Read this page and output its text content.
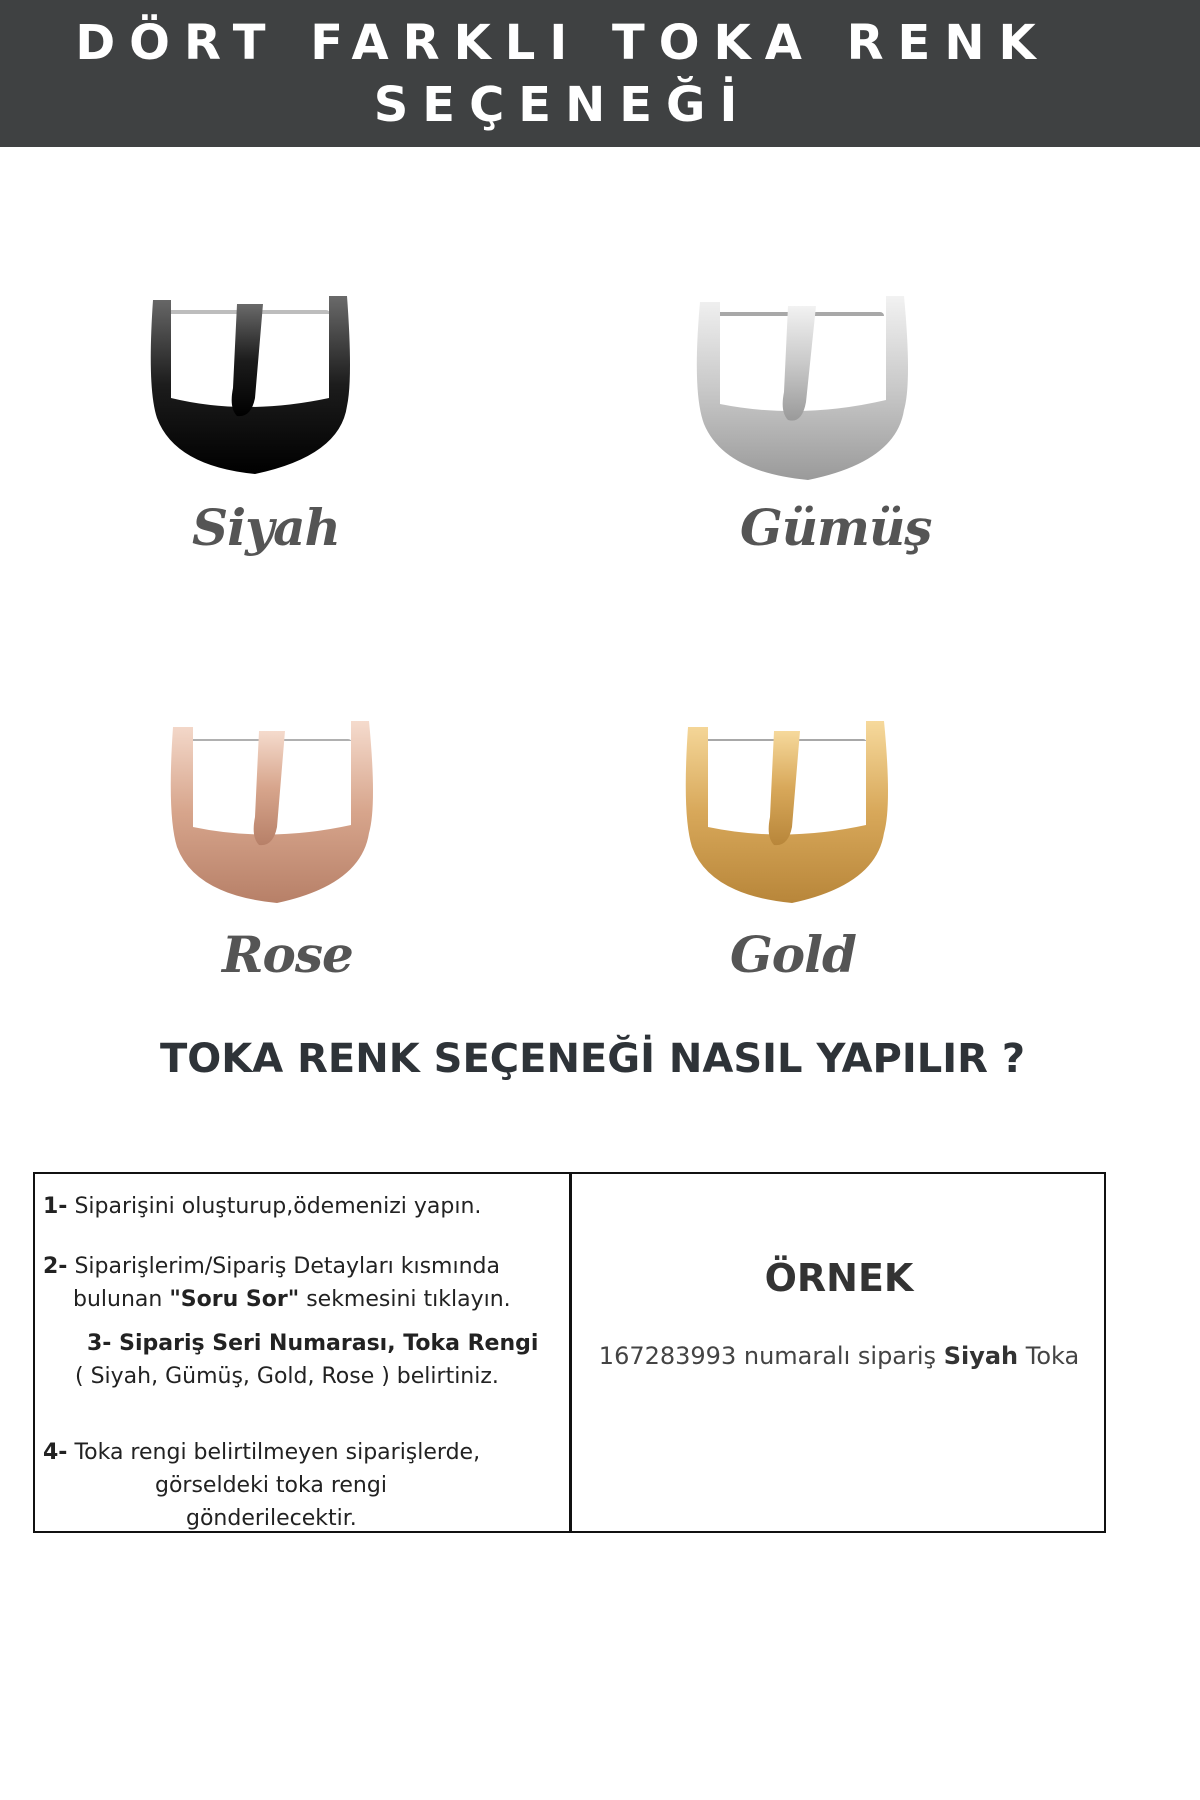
DÖRT FARKLI TOKA RENK SEÇENEĞİ
Siyah	Gümüş
Rose	Gold
TOKA RENK SEÇENEĞİ NASIL YAPILIR ?
1- Siparişini oluşturup,ödemenizi yapın.
2- Siparişlerim/Sipariş Detayları kısmında
bulunan "Soru Sor" sekmesini tıklayın.
3- Sipariş Seri Numarası, Toka Rengi
( Siyah, Gümüş, Gold, Rose ) belirtiniz.
4- Toka rengi belirtilmeyen siparişlerde,
görseldeki toka rengi
gönderilecektir.
ÖRNEK
167283993 numaralı sipariş Siyah Toka
